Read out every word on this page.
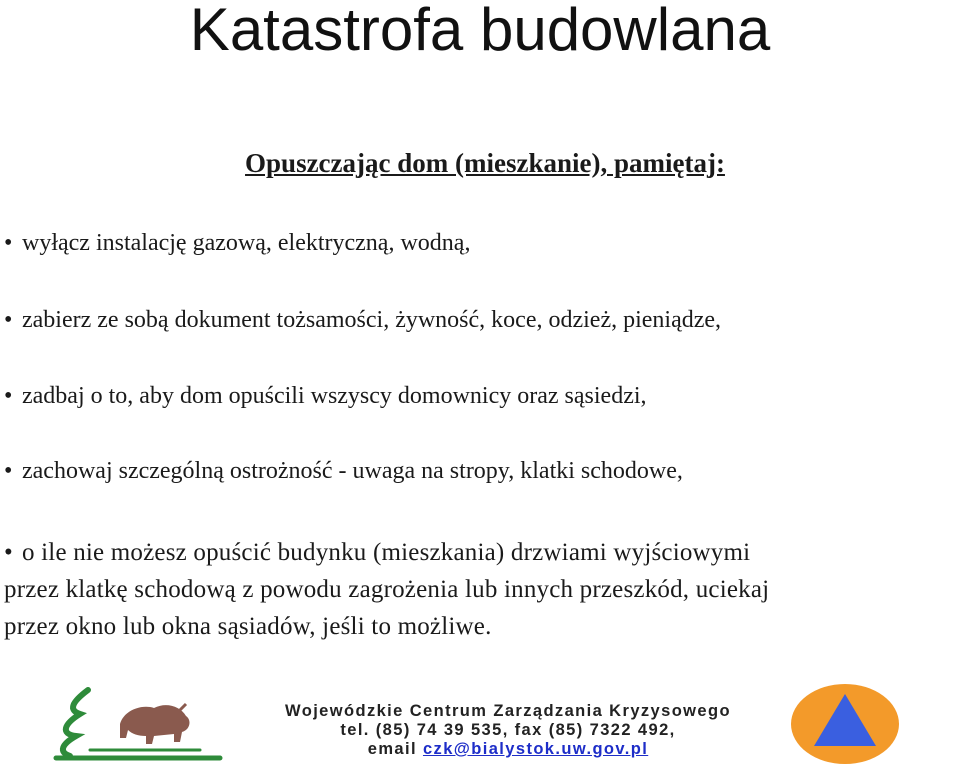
Katastrofa budowlana
Opuszczając dom (mieszkanie), pamiętaj:
• wyłącz instalację gazową, elektryczną, wodną,
• zabierz ze sobą dokument tożsamości, żywność, koce, odzież, pieniądze,
• zadbaj o to, aby dom opuścili wszyscy domownicy oraz sąsiedzi,
• zachowaj szczególną ostrożność - uwaga na stropy, klatki schodowe,
• o ile nie możesz opuścić budynku (mieszkania) drzwiami wyjściowymi
przez klatkę schodową z powodu zagrożenia lub innych przeszkód, uciekaj
przez okno lub okna sąsiadów, jeśli to możliwe.
Wojewódzkie Centrum Zarządzania Kryzysowego
tel. (85) 74 39 535, fax (85) 7322 492,
email czk@bialystok.uw.gov.pl
